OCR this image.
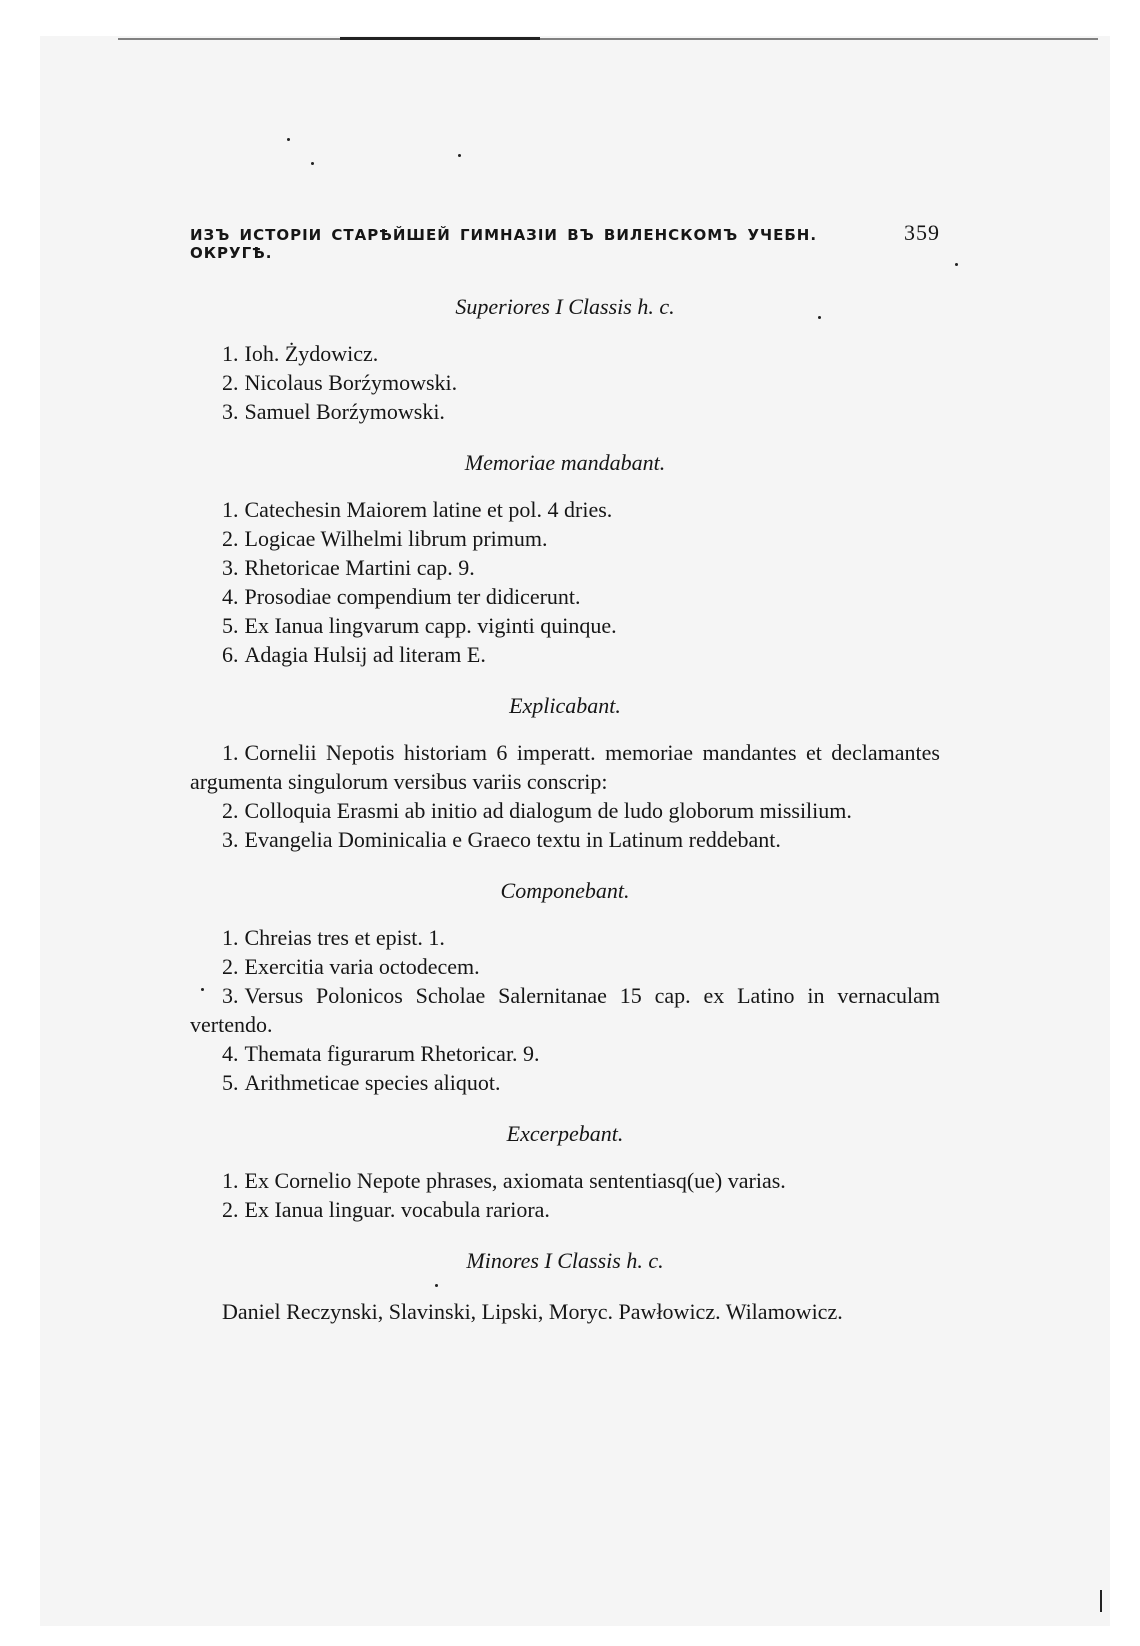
ИЗЪ ИСТОРІИ СТАРѢЙШЕЙ ГИМНАЗІИ ВЪ ВИЛЕНСКОМЪ УЧЕБН. ОКРУГѢ.
359

Superiores I Classis h. c.

1. Ioh. Żydowicz.

2. Nicolaus Borźymowski.

3. Samuel Borźymowski.

Memoriae mandabant.

1. Catechesin Maiorem latine et pol. 4 dries.

2. Logicae Wilhelmi librum primum.

3. Rhetoricae Martini cap. 9.

4. Prosodiae compendium ter didicerunt.

5. Ex Ianua lingvarum capp. viginti quinque.

6. Adagia Hulsij ad literam E.

Explicabant.

1. Cornelii Nepotis historiam 6 imperatt. memoriae mandantes et declamantes argumenta singulorum versibus variis conscrip:

2. Colloquia Erasmi ab initio ad dialogum de ludo globorum missilium.

3. Evangelia Dominicalia e Graeco textu in Latinum reddebant.

Componebant.

1. Chreias tres et epist. 1.

2. Exercitia varia octodecem.

3. Versus Polonicos Scholae Salernitanae 15 cap. ex Latino in vernaculam vertendo.

4. Themata figurarum Rhetoricar. 9.

5. Arithmeticae species aliquot.

Excerpebant.

1. Ex Cornelio Nepote phrases, axiomata sententiasq(ue) varias.

2. Ex Ianua linguar. vocabula rariora.

Minores I Classis h. c.

Daniel Reczynski, Slavinski, Lipski, Moryc. Pawłowicz. Wilamowicz.
